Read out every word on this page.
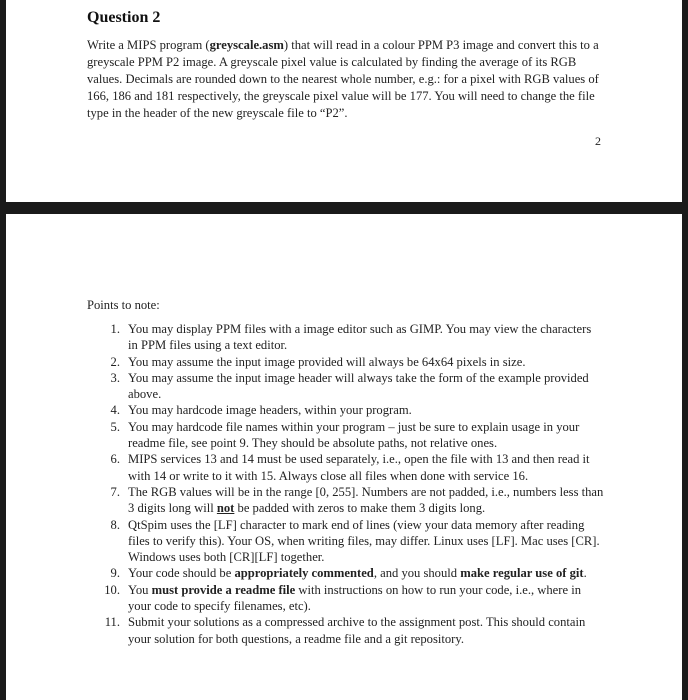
Question 2

Write a MIPS program (greyscale.asm) that will read in a colour PPM P3 image and convert this to a greyscale PPM P2 image. A greyscale pixel value is calculated by finding the average of its RGB values. Decimals are rounded down to the nearest whole number, e.g.: for a pixel with RGB values of 166, 186 and 181 respectively, the greyscale pixel value will be 177. You will need to change the file type in the header of the new greyscale file to “P2”.

2

Points to note:

1. You may display PPM files with a image editor such as GIMP. You may view the characters in PPM files using a text editor.
2. You may assume the input image provided will always be 64x64 pixels in size.
3. You may assume the input image header will always take the form of the example provided above.
4. You may hardcode image headers, within your program.
5. You may hardcode file names within your program – just be sure to explain usage in your readme file, see point 9. They should be absolute paths, not relative ones.
6. MIPS services 13 and 14 must be used separately, i.e., open the file with 13 and then read it with 14 or write to it with 15. Always close all files when done with service 16.
7. The RGB values will be in the range [0, 255]. Numbers are not padded, i.e., numbers less than 3 digits long will not be padded with zeros to make them 3 digits long.
8. QtSpim uses the [LF] character to mark end of lines (view your data memory after reading files to verify this). Your OS, when writing files, may differ. Linux uses [LF]. Mac uses [CR]. Windows uses both [CR][LF] together.
9. Your code should be appropriately commented, and you should make regular use of git.
10. You must provide a readme file with instructions on how to run your code, i.e., where in your code to specify filenames, etc).
11. Submit your solutions as a compressed archive to the assignment post. This should contain your solution for both questions, a readme file and a git repository.
